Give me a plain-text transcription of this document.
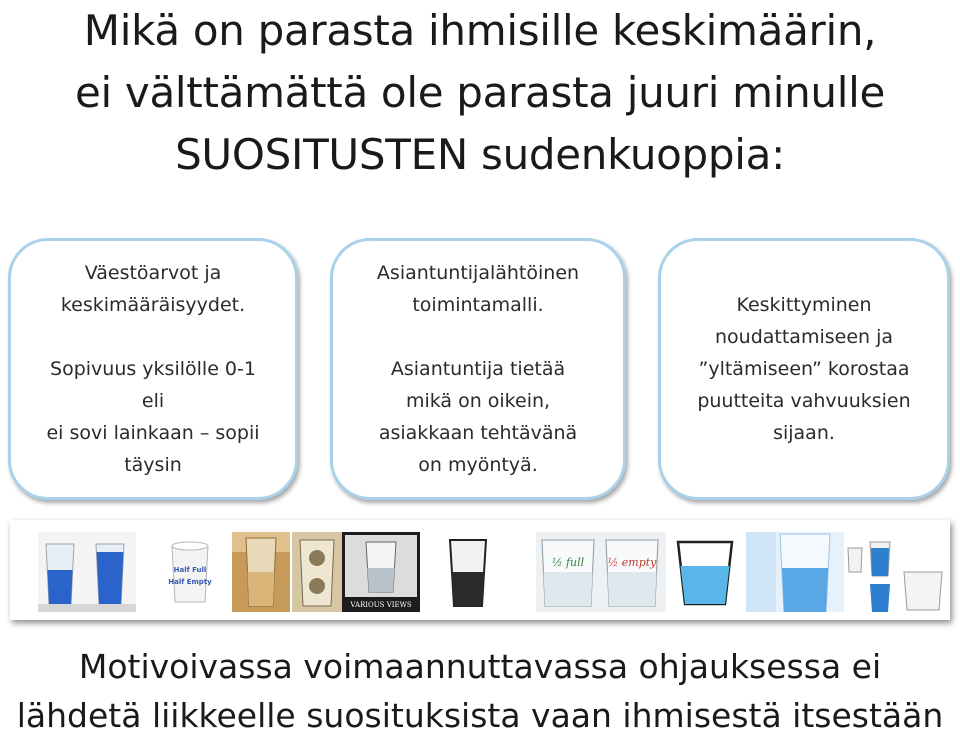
Mikä on parasta ihmisille keskimäärin,
ei välttämättä ole parasta juuri minulle
SUOSITUSTEN sudenkuoppia:

Väestöarvot ja

keskimääräisyydet.

Sopivuus yksilölle 0-1

eli

ei sovi lainkaan – sopii

täysin

Asiantuntijalähtöinen

toimintamalli.

Asiantuntija tietää

mikä on oikein,

asiakkaan tehtävänä

on myöntyä.

Keskittyminen

noudattamiseen ja

”yltämiseen” korostaa

puutteita vahvuuksien

sijaan.

Half Full
Half Empty
VARIOUS VIEWS
½ full ½ empty
Motivoivassa voimaannuttavassa ohjauksessa ei
lähdetä liikkeelle suosituksista vaan ihmisestä itsestään
